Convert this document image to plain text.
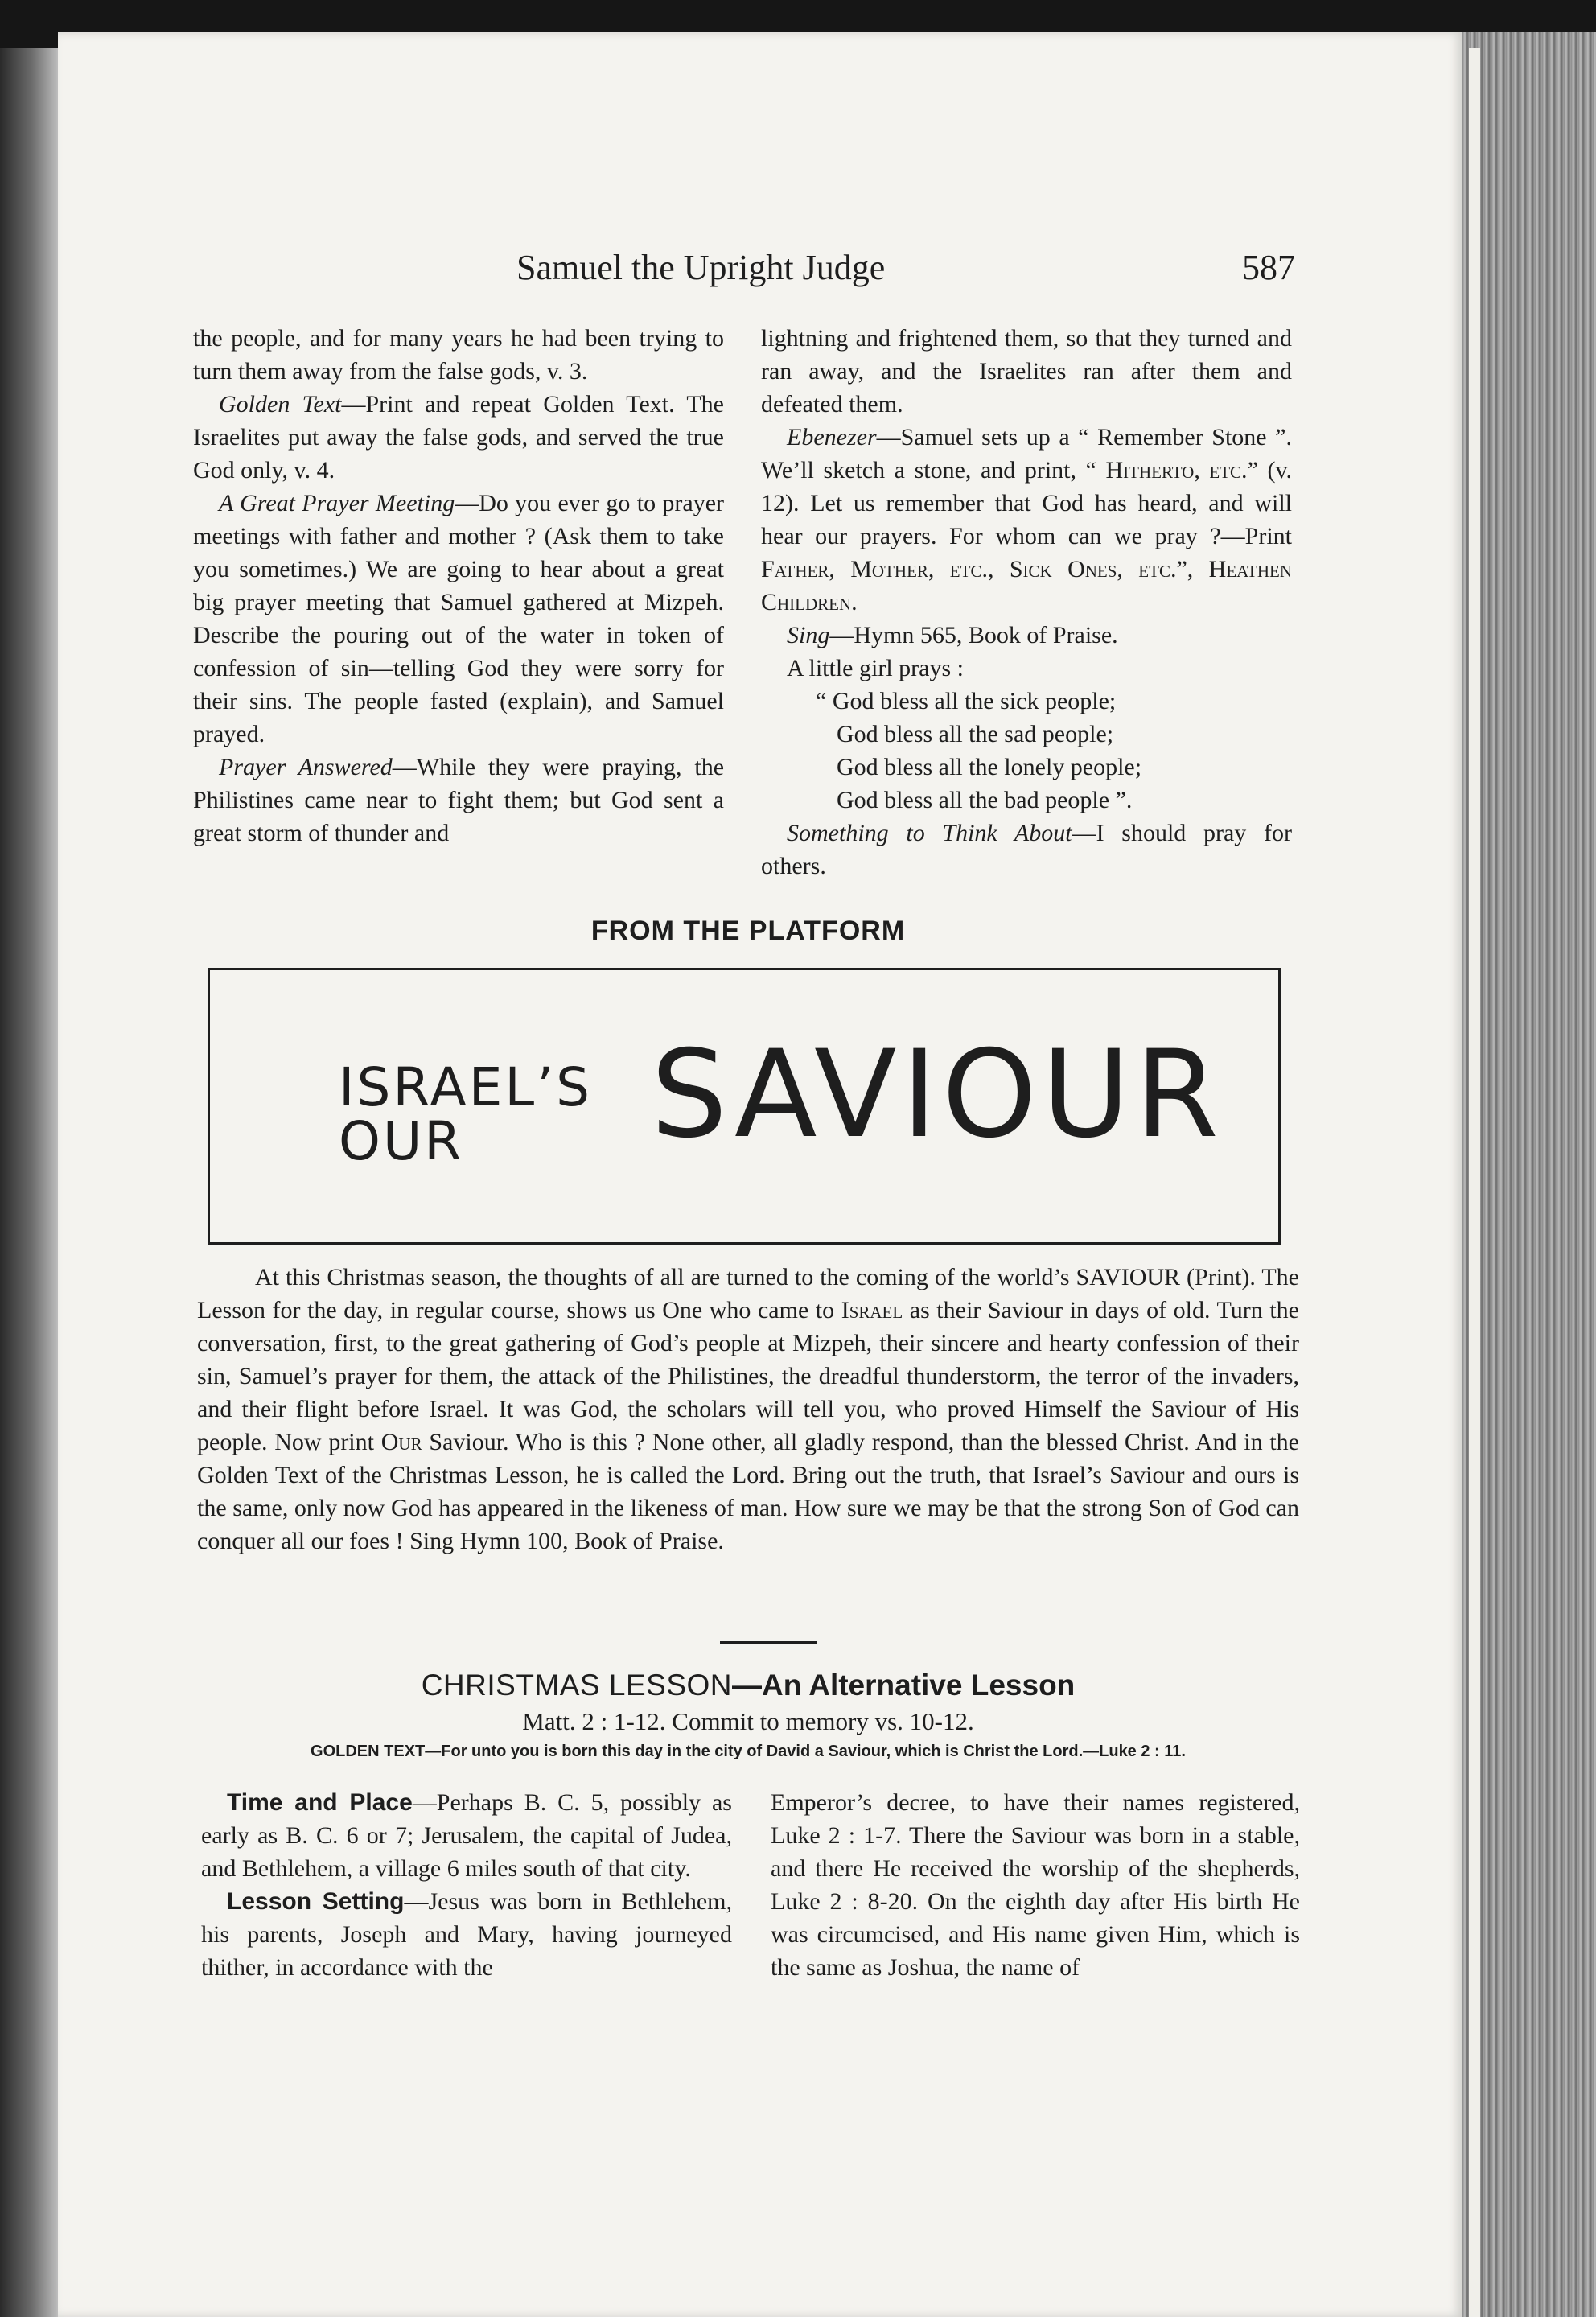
Samuel the Upright Judge	587

the people, and for many years he had been trying to turn them away from the false gods, v. 3.

Golden Text—Print and repeat Golden Text. The Israelites put away the false gods, and served the true God only, v. 4.

A Great Prayer Meeting—Do you ever go to prayer meetings with father and mother ? (Ask them to take you sometimes.) We are going to hear about a great big prayer meeting that Samuel gathered at Mizpeh. Describe the pouring out of the water in token of confession of sin—telling God they were sorry for their sins. The people fasted (explain), and Samuel prayed.

Prayer Answered—While they were praying, the Philistines came near to fight them; but God sent a great storm of thunder and

lightning and frightened them, so that they turned and ran away, and the Israelites ran after them and defeated them.

Ebenezer—Samuel sets up a “ Remember Stone ”. We’ll sketch a stone, and print, “ Hitherto, etc.” (v. 12). Let us remember that God has heard, and will hear our prayers. For whom can we pray ?—Print Father, Mother, etc., Sick Ones, etc.”, Heathen Children.

Sing—Hymn 565, Book of Praise.

A little girl prays :

“ God bless all the sick people;
God bless all the sad people;
God bless all the lonely people;
God bless all the bad people ”.

Something to Think About—I should pray for others.

FROM THE PLATFORM
ISRAEL’S
OUR SAVIOUR

At this Christmas season, the thoughts of all are turned to the coming of the world’s SAVIOUR (Print). The Lesson for the day, in regular course, shows us One who came to Israel as their Saviour in days of old. Turn the conversation, first, to the great gathering of God’s people at Mizpeh, their sincere and hearty confession of their sin, Samuel’s prayer for them, the attack of the Philistines, the dreadful thunderstorm, the terror of the invaders, and their flight before Israel. It was God, the scholars will tell you, who proved Himself the Saviour of His people. Now print Our Saviour. Who is this ? None other, all gladly respond, than the blessed Christ. And in the Golden Text of the Christmas Lesson, he is called the Lord. Bring out the truth, that Israel’s Saviour and ours is the same, only now God has appeared in the likeness of man. How sure we may be that the strong Son of God can conquer all our foes ! Sing Hymn 100, Book of Praise.

CHRISTMAS LESSON—An Alternative Lesson
Matt. 2 : 1-12. Commit to memory vs. 10-12.
GOLDEN TEXT—For unto you is born this day in the city of David a Saviour, which is Christ the Lord.—Luke 2 : 11.

Time and Place—Perhaps B. C. 5, possibly as early as B. C. 6 or 7; Jerusalem, the capital of Judea, and Bethlehem, a village 6 miles south of that city.

Lesson Setting—Jesus was born in Bethlehem, his parents, Joseph and Mary, having journeyed thither, in accordance with the

Emperor’s decree, to have their names registered, Luke 2 : 1-7. There the Saviour was born in a stable, and there He received the worship of the shepherds, Luke 2 : 8-20. On the eighth day after His birth He was circumcised, and His name given Him, which is the same as Joshua, the name of
